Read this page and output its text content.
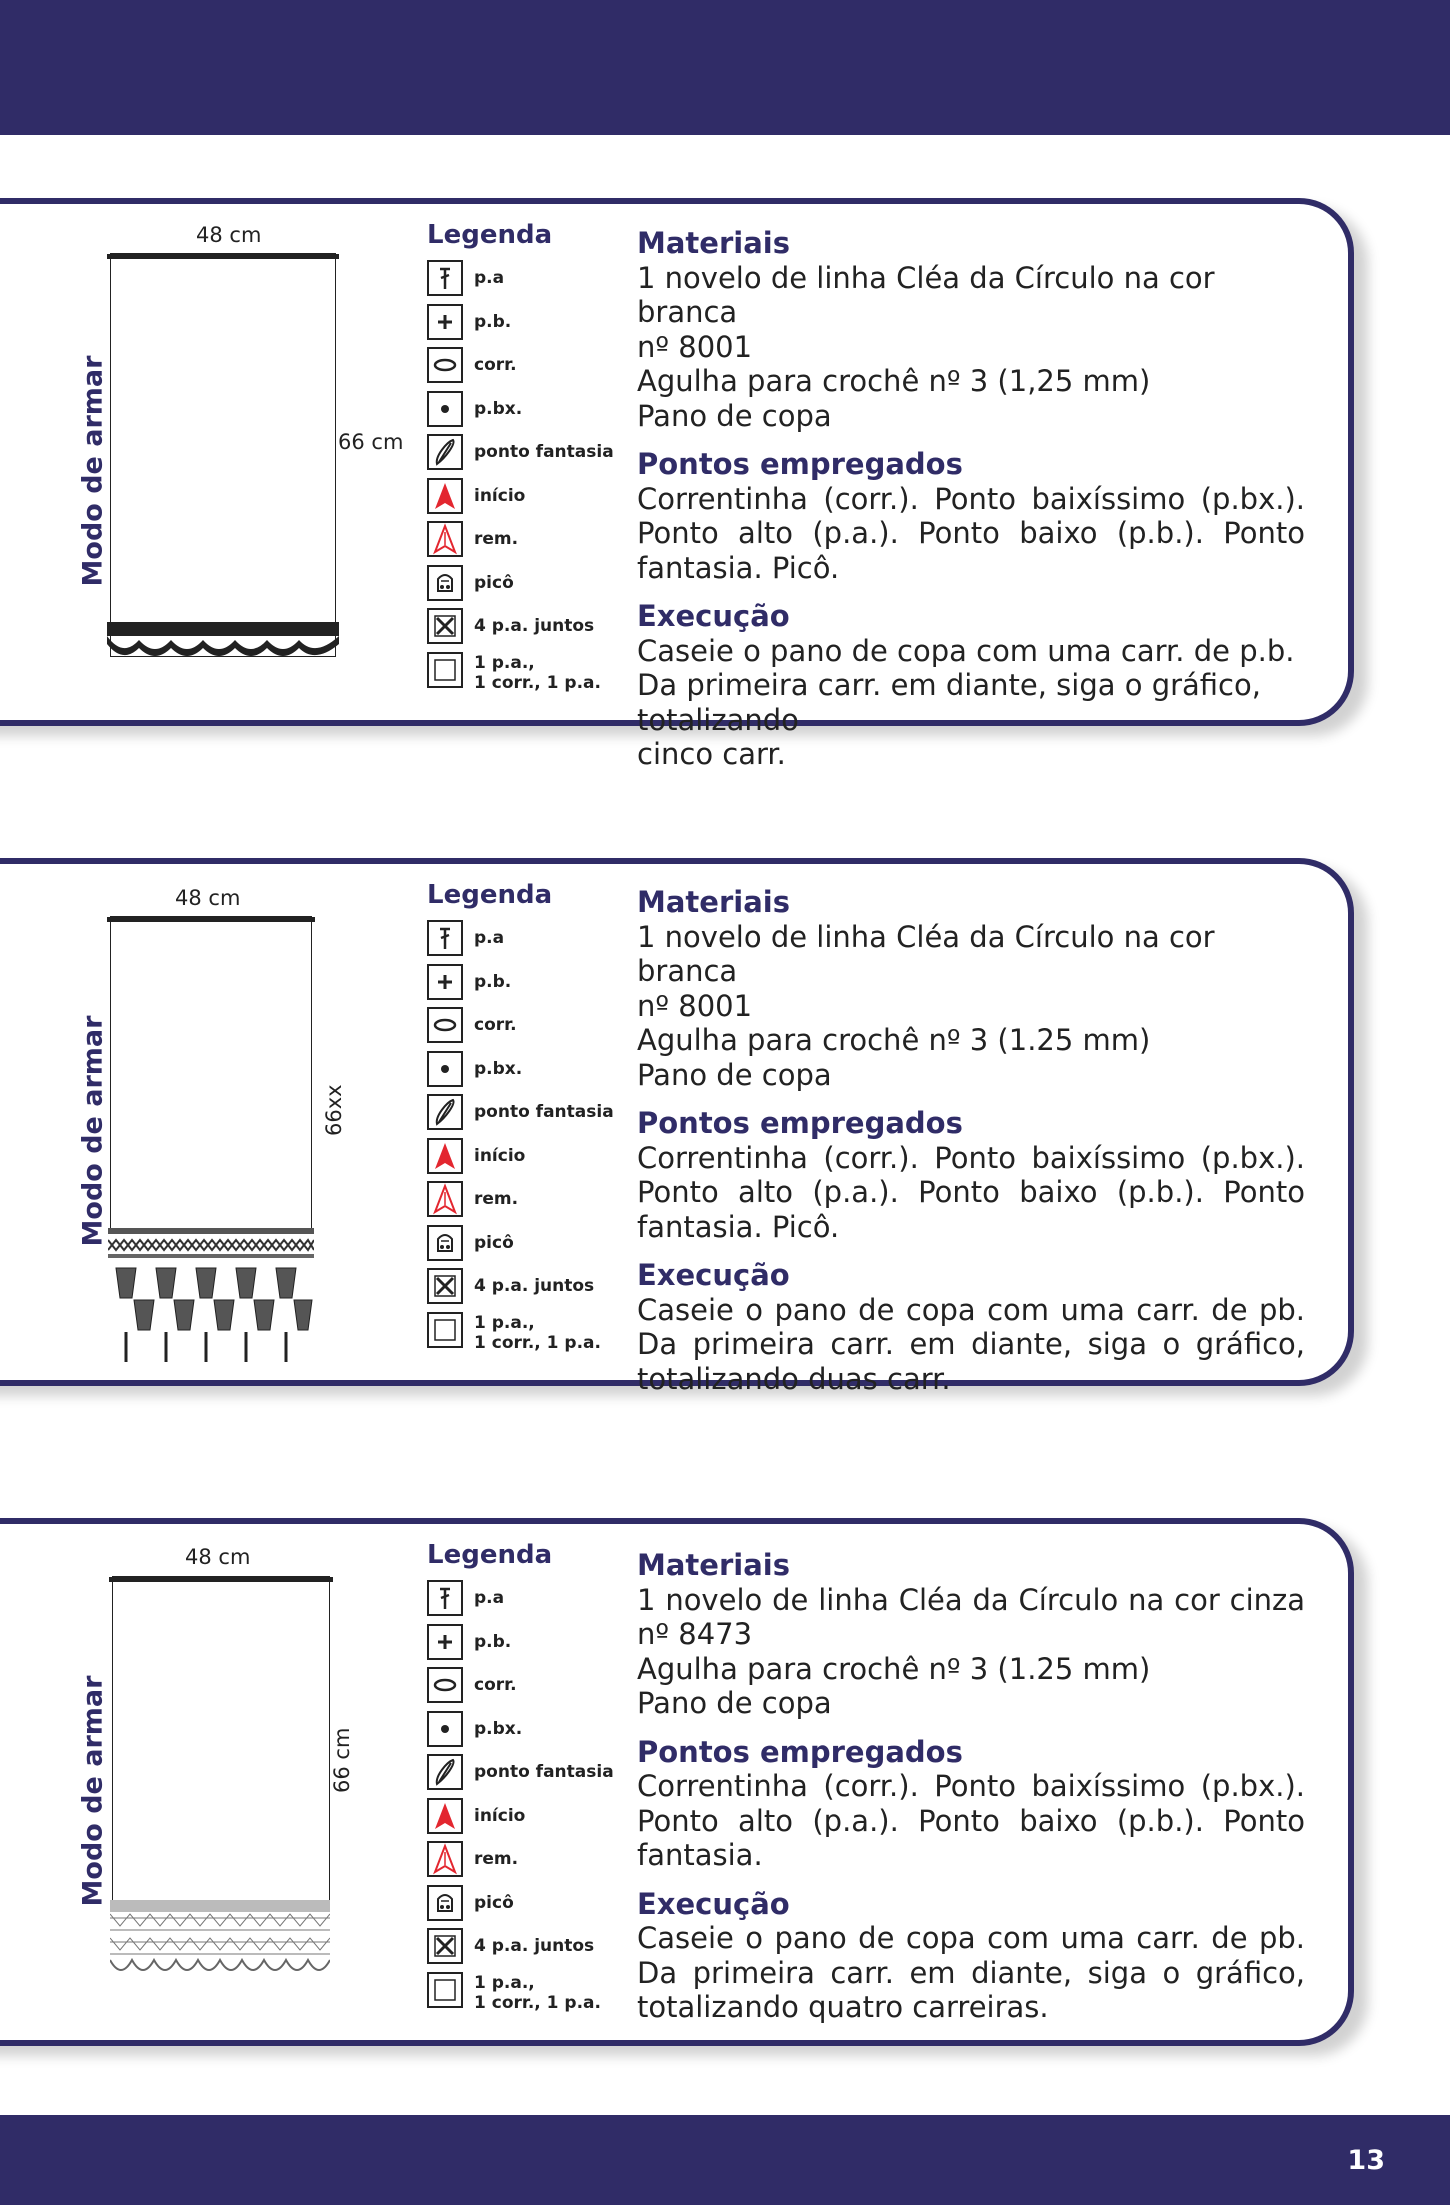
Modo de armar
48 cm
66 cm
Legenda
p.a
p.b.
corr.
p.bx.
ponto fantasia
início
rem.
picô
4 p.a. juntos
1 p.a.,
1 corr., 1 p.a.
Materiais

1 novelo de linha Cléa da Círculo na cor branca

nº 8001

Agulha para crochê nº 3 (1,25 mm)

Pano de copa

Pontos empregados

Correntinha (corr.). Ponto baixíssimo (p.bx.). Ponto alto (p.a.). Ponto baixo (p.b.). Ponto fantasia. Picô.

Execução

Caseie o pano de copa com uma carr. de p.b.

Da primeira carr. em diante, siga o gráfico, totalizando

cinco carr.

Modo de armar
48 cm
66xx
Legenda
p.a
p.b.
corr.
p.bx.
ponto fantasia
início
rem.
picô
4 p.a. juntos
1 p.a.,
1 corr., 1 p.a.
Materiais

1 novelo de linha Cléa da Círculo na cor branca

nº 8001

Agulha para crochê nº 3 (1.25 mm)

Pano de copa

Pontos empregados

Correntinha (corr.). Ponto baixíssimo (p.bx.). Ponto alto (p.a.). Ponto baixo (p.b.). Ponto fantasia. Picô.

Execução

Caseie o pano de copa com uma carr. de pb. Da primeira carr. em diante, siga o gráfico, totalizando duas carr.

Modo de armar
48 cm
66 cm
Legenda
p.a
p.b.
corr.
p.bx.
ponto fantasia
início
rem.
picô
4 p.a. juntos
1 p.a.,
1 corr., 1 p.a.
Materiais

1 novelo de linha Cléa da Círculo na cor cinza nº 8473

Agulha para crochê nº 3 (1.25 mm)

Pano de copa

Pontos empregados

Correntinha (corr.). Ponto baixíssimo (p.bx.). Ponto alto (p.a.). Ponto baixo (p.b.). Ponto fantasia.

Execução

Caseie o pano de copa com uma carr. de pb. Da primeira carr. em diante, siga o gráfico, totalizando quatro carreiras.

13
